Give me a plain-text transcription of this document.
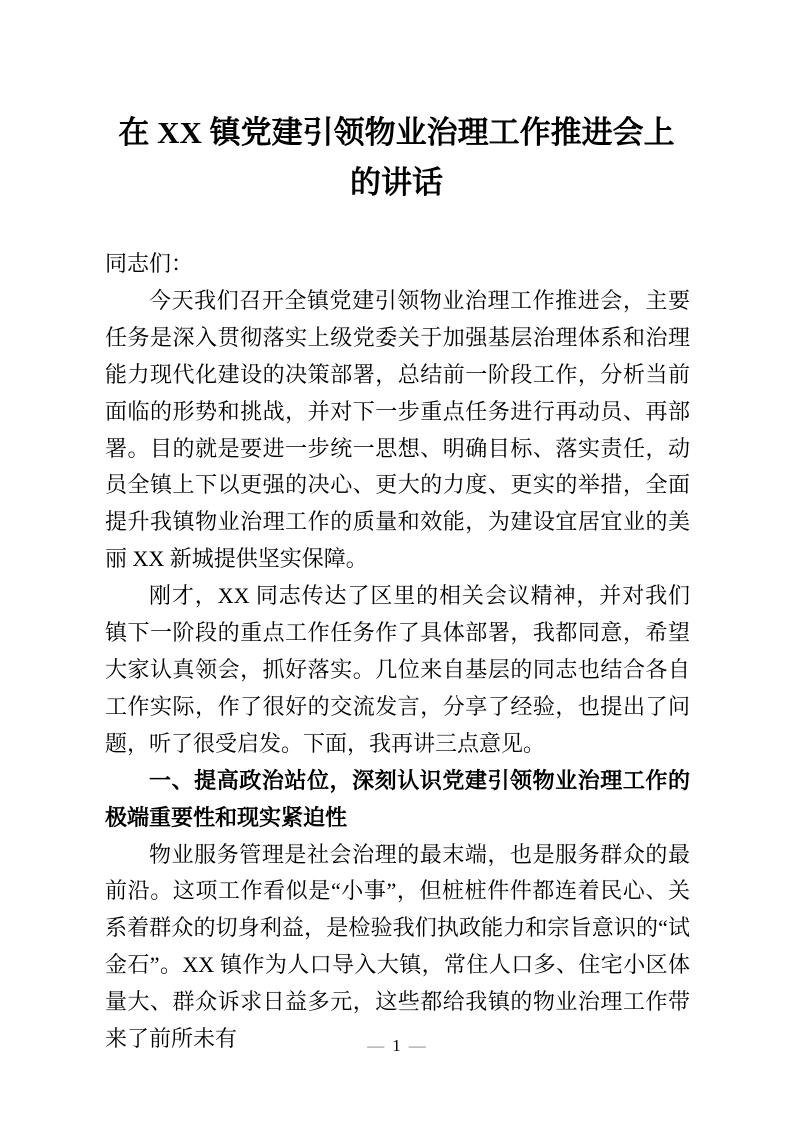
在 XX 镇党建引领物业治理工作推进会上
的讲话

同志们：

今天我们召开全镇党建引领物业治理工作推进会，主要任务是深入贯彻落实上级党委关于加强基层治理体系和治理能力现代化建设的决策部署，总结前一阶段工作，分析当前面临的形势和挑战，并对下一步重点任务进行再动员、再部署。目的就是要进一步统一思想、明确目标、落实责任，动员全镇上下以更强的决心、更大的力度、更实的举措，全面提升我镇物业治理工作的质量和效能，为建设宜居宜业的美丽 XX 新城提供坚实保障。

刚才，XX 同志传达了区里的相关会议精神，并对我们镇下一阶段的重点工作任务作了具体部署，我都同意，希望大家认真领会，抓好落实。几位来自基层的同志也结合各自工作实际，作了很好的交流发言，分享了经验，也提出了问题，听了很受启发。下面，我再讲三点意见。

一、提高政治站位，深刻认识党建引领物业治理工作的极端重要性和现实紧迫性

物业服务管理是社会治理的最末端，也是服务群众的最前沿。这项工作看似是“小事”，但桩桩件件都连着民心、关系着群众的切身利益，是检验我们执政能力和宗旨意识的“试金石”。XX 镇作为人口导入大镇，常住人口多、住宅小区体量大、群众诉求日益多元，这些都给我镇的物业治理工作带来了前所未有	— 1 —
